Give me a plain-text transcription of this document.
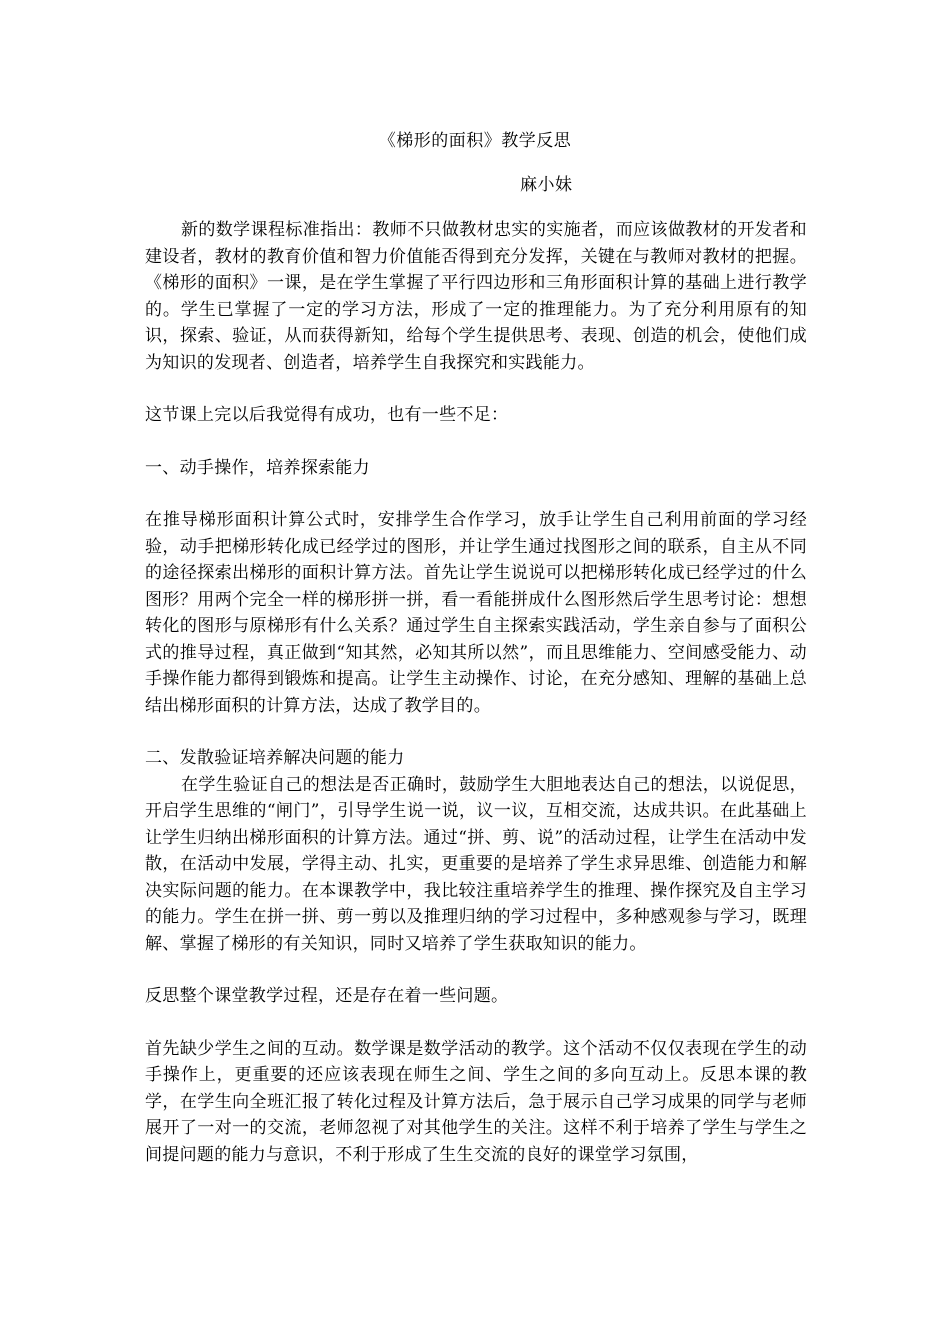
《梯形的面积》教学反思
麻小妹

新的数学课程标准指出：教师不只做教材忠实的实施者，而应该做教材的开发者和建设者，教材的教育价值和智力价值能否得到充分发挥，关键在与教师对教材的把握。《梯形的面积》一课，是在学生掌握了平行四边形和三角形面积计算的基础上进行教学的。学生已掌握了一定的学习方法，形成了一定的推理能力。为了充分利用原有的知识，探索、验证，从而获得新知，给每个学生提供思考、表现、创造的机会，使他们成为知识的发现者、创造者，培养学生自我探究和实践能力。

这节课上完以后我觉得有成功，也有一些不足：

一、动手操作，培养探索能力

在推导梯形面积计算公式时，安排学生合作学习，放手让学生自己利用前面的学习经验，动手把梯形转化成已经学过的图形，并让学生通过找图形之间的联系，自主从不同的途径探索出梯形的面积计算方法。首先让学生说说可以把梯形转化成已经学过的什么图形？用两个完全一样的梯形拼一拼，看一看能拼成什么图形然后学生思考讨论：想想转化的图形与原梯形有什么关系？通过学生自主探索实践活动，学生亲自参与了面积公式的推导过程，真正做到“知其然，必知其所以然”，而且思维能力、空间感受能力、动手操作能力都得到锻炼和提高。让学生主动操作、讨论，在充分感知、理解的基础上总结出梯形面积的计算方法，达成了教学目的。

二、发散验证培养解决问题的能力

在学生验证自己的想法是否正确时，鼓励学生大胆地表达自己的想法，以说促思，开启学生思维的“闸门”，引导学生说一说，议一议，互相交流，达成共识。在此基础上让学生归纳出梯形面积的计算方法。通过“拼、剪、说”的活动过程，让学生在活动中发散，在活动中发展，学得主动、扎实，更重要的是培养了学生求异思维、创造能力和解决实际问题的能力。在本课教学中，我比较注重培养学生的推理、操作探究及自主学习的能力。学生在拼一拼、剪一剪以及推理归纳的学习过程中，多种感观参与学习，既理解、掌握了梯形的有关知识，同时又培养了学生获取知识的能力。

反思整个课堂教学过程，还是存在着一些问题。

首先缺少学生之间的互动。数学课是数学活动的教学。这个活动不仅仅表现在学生的动手操作上，更重要的还应该表现在师生之间、学生之间的多向互动上。反思本课的教学，在学生向全班汇报了转化过程及计算方法后，急于展示自己学习成果的同学与老师展开了一对一的交流，老师忽视了对其他学生的关注。这样不利于培养了学生与学生之间提问题的能力与意识，不利于形成了生生交流的良好的课堂学习氛围，
